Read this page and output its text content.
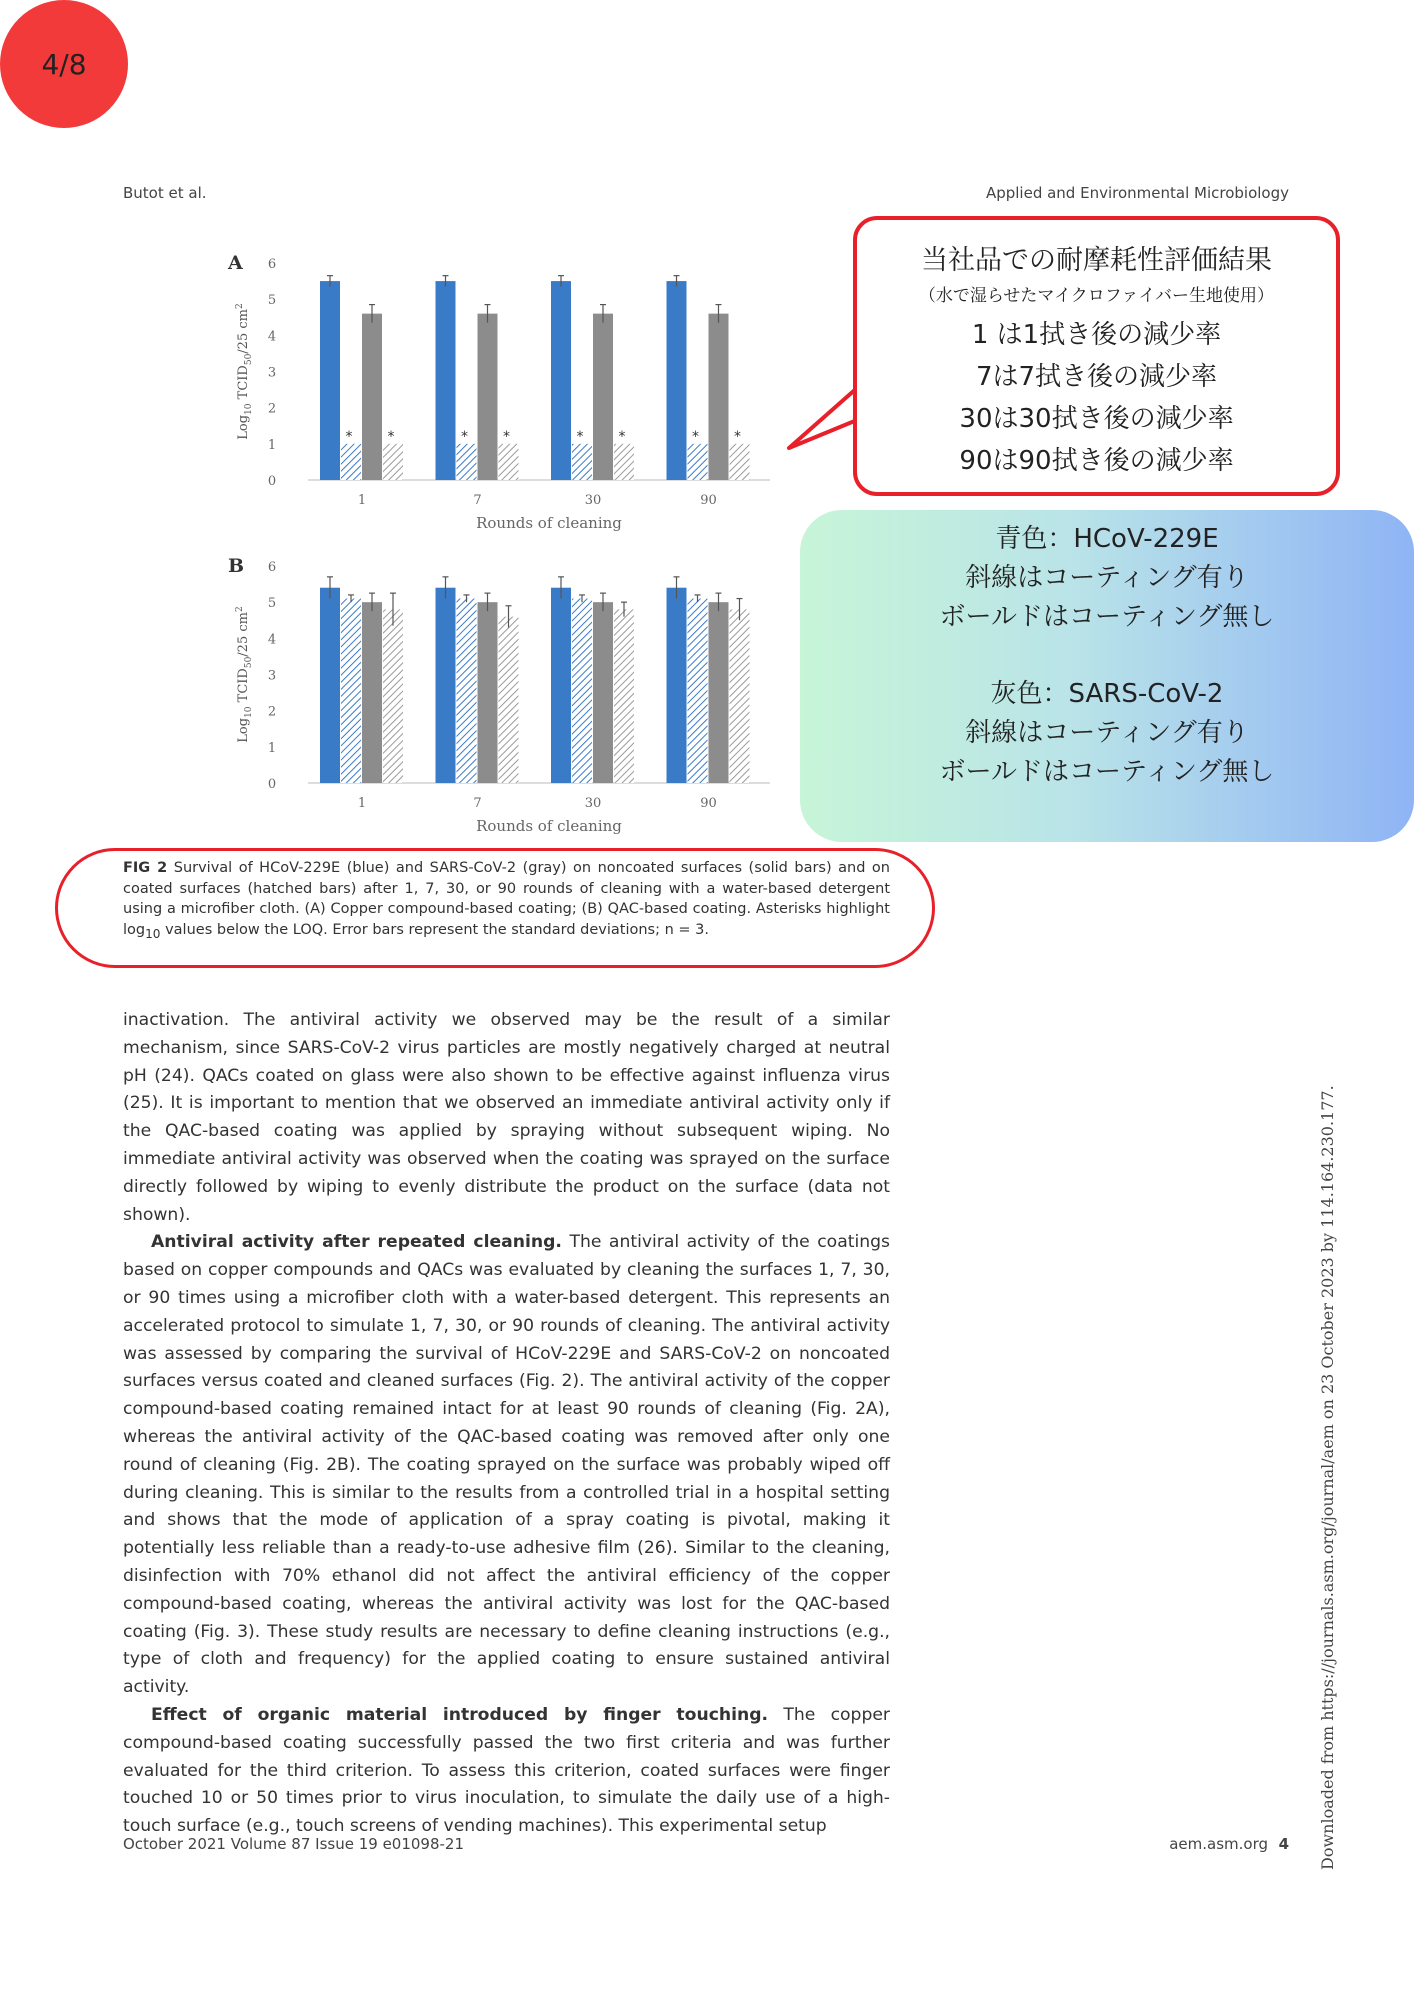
4/8
Butot et al.	Applied and Environmental Microbiology
A
0
1
2
3
4
5
6
Log$_{10}$ $TCID_{50}/25$ $cm^2$
*	*
1
*	*
7
*	*
30
*	*
90
Rounds of cleaning
B
0
1
2
3
4
5
6
Log$_{10}$ $TCID_{50}/25$ $cm^2$
1	7	30	90
Rounds of cleaning
FIG 2 Survival of HCoV-229E (blue) and SARS-CoV-2 (gray) on noncoated surfaces (solid bars) and on coated surfaces (hatched bars) after 1, 7, 30, or 90 rounds of cleaning with a water-based detergent using a microfiber cloth. (A) Copper compound-based coating; (B) QAC-based coating. Asterisks highlight $\log_{10}$ values below the LOQ. Error bars represent the standard deviations; n = 3.

inactivation. The antiviral activity we observed may be the result of a similar mechanism, since SARS-CoV-2 virus particles are mostly negatively charged at neutral pH (24). QACs coated on glass were also shown to be effective against influenza virus (25). It is important to mention that we observed an immediate antiviral activity only if the QAC-based coating was applied by spraying without subsequent wiping. No immediate antiviral activity was observed when the coating was sprayed on the surface directly followed by wiping to evenly distribute the product on the surface (data not shown).

Antiviral activity after repeated cleaning. The antiviral activity of the coatings based on copper compounds and QACs was evaluated by cleaning the surfaces 1, 7, 30, or 90 times using a microfiber cloth with a water-based detergent. This represents an accelerated protocol to simulate 1, 7, 30, or 90 rounds of cleaning. The antiviral activity was assessed by comparing the survival of HCoV-229E and SARS-CoV-2 on noncoated surfaces versus coated and cleaned surfaces (Fig. 2). The antiviral activity of the copper compound-based coating remained intact for at least 90 rounds of cleaning (Fig. 2A), whereas the antiviral activity of the QAC-based coating was removed after only one round of cleaning (Fig. 2B). The coating sprayed on the surface was probably wiped off during cleaning. This is similar to the results from a controlled trial in a hospital setting and shows that the mode of application of a spray coating is pivotal, making it potentially less reliable than a ready-to-use adhesive film (26). Similar to the cleaning, disinfection with 70% ethanol did not affect the antiviral efficiency of the copper compound-based coating, whereas the antiviral activity was lost for the QAC-based coating (Fig. 3). These study results are necessary to define cleaning instructions (e.g., type of cloth and frequency) for the applied coating to ensure sustained antiviral activity.

Effect of organic material introduced by finger touching. The copper compound-based coating successfully passed the two first criteria and was further evaluated for the third criterion. To assess this criterion, coated surfaces were finger touched 10 or 50 times prior to virus inoculation, to simulate the daily use of a high-touch surface (e.g., touch screens of vending machines). This experimental setup

October 2021 Volume 87 Issue 19 e01098-21	aem.asm.org 4 Downloaded from https://journals.asm.org/journal/aem on 23 October 2023 by 114.164.230.177.
当社品での耐摩耗性評価結果
（水で湿らせたマイクロファイバー生地使用）
1 は1拭き後の減少率
7は7拭き後の減少率
30は30拭き後の減少率
90は90拭き後の減少率
青色：HCoV-229E
斜線はコーティング有り
ボールドはコーティング無し
灰色：SARS-CoV-2
斜線はコーティング有り
ボールドはコーティング無し
